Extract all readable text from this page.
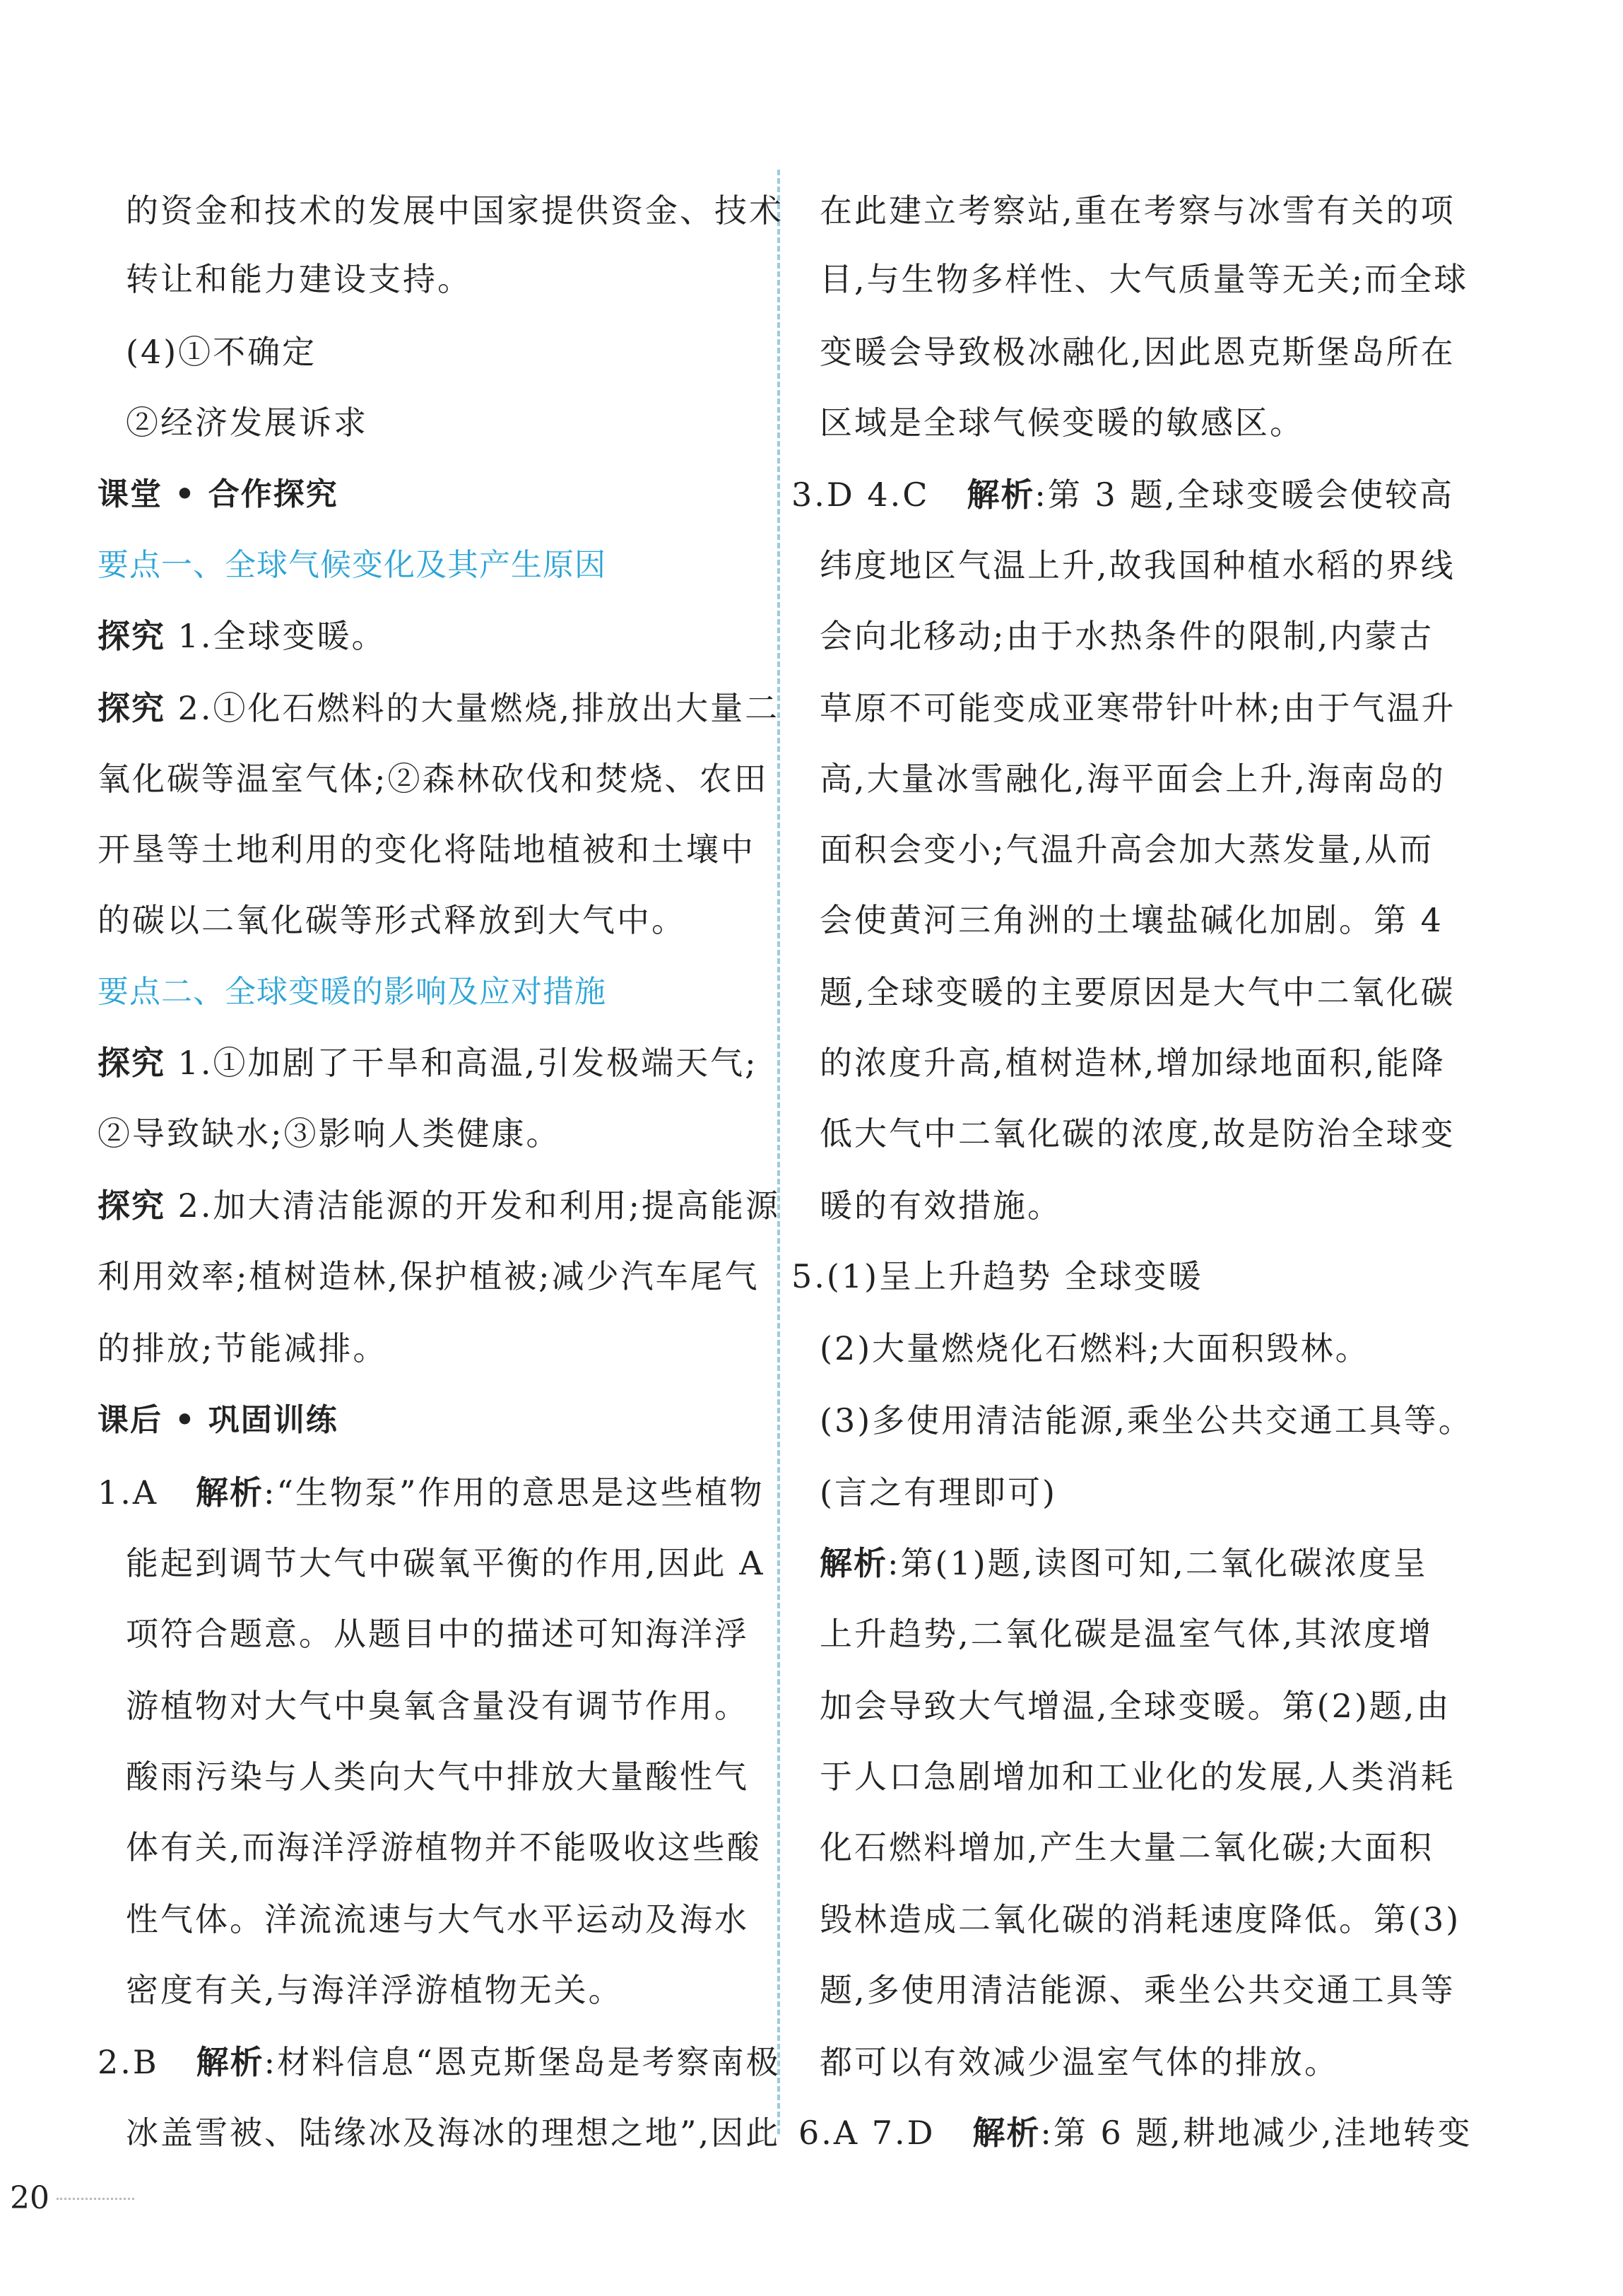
的资金和技术的发展中国家提供资金、技术
转让和能力建设支持。
(4)①不确定
②经济发展诉求
课堂 • 合作探究
要点一、全球气候变化及其产生原因
探究 1.全球变暖。
探究 2.①化石燃料的大量燃烧,排放出大量二
氧化碳等温室气体;②森林砍伐和焚烧、农田
开垦等土地利用的变化将陆地植被和土壤中
的碳以二氧化碳等形式释放到大气中。
要点二、全球变暖的影响及应对措施
探究 1.①加剧了干旱和高温,引发极端天气;
②导致缺水;③影响人类健康。
探究 2.加大清洁能源的开发和利用;提高能源
利用效率;植树造林,保护植被;减少汽车尾气
的排放;节能减排。
课后 • 巩固训练
1.A 解析:“生物泵”作用的意思是这些植物
能起到调节大气中碳氧平衡的作用,因此 A
项符合题意。从题目中的描述可知海洋浮
游植物对大气中臭氧含量没有调节作用。
酸雨污染与人类向大气中排放大量酸性气
体有关,而海洋浮游植物并不能吸收这些酸
性气体。洋流流速与大气水平运动及海水
密度有关,与海洋浮游植物无关。
2.B 解析:材料信息“恩克斯堡岛是考察南极
冰盖雪被、陆缘冰及海冰的理想之地”,因此
在此建立考察站,重在考察与冰雪有关的项
目,与生物多样性、大气质量等无关;而全球
变暖会导致极冰融化,因此恩克斯堡岛所在
区域是全球气候变暖的敏感区。
3.D 4.C 解析:第 3 题,全球变暖会使较高
纬度地区气温上升,故我国种植水稻的界线
会向北移动;由于水热条件的限制,内蒙古
草原不可能变成亚寒带针叶林;由于气温升
高,大量冰雪融化,海平面会上升,海南岛的
面积会变小;气温升高会加大蒸发量,从而
会使黄河三角洲的土壤盐碱化加剧。第 4
题,全球变暖的主要原因是大气中二氧化碳
的浓度升高,植树造林,增加绿地面积,能降
低大气中二氧化碳的浓度,故是防治全球变
暖的有效措施。
5.(1)呈上升趋势 全球变暖
(2)大量燃烧化石燃料;大面积毁林。
(3)多使用清洁能源,乘坐公共交通工具等。
(言之有理即可)
解析:第(1)题,读图可知,二氧化碳浓度呈
上升趋势,二氧化碳是温室气体,其浓度增
加会导致大气增温,全球变暖。第(2)题,由
于人口急剧增加和工业化的发展,人类消耗
化石燃料增加,产生大量二氧化碳;大面积
毁林造成二氧化碳的消耗速度降低。第(3)
题,多使用清洁能源、乘坐公共交通工具等
都可以有效减少温室气体的排放。
6.A 7.D 解析:第 6 题,耕地减少,洼地转变
20
